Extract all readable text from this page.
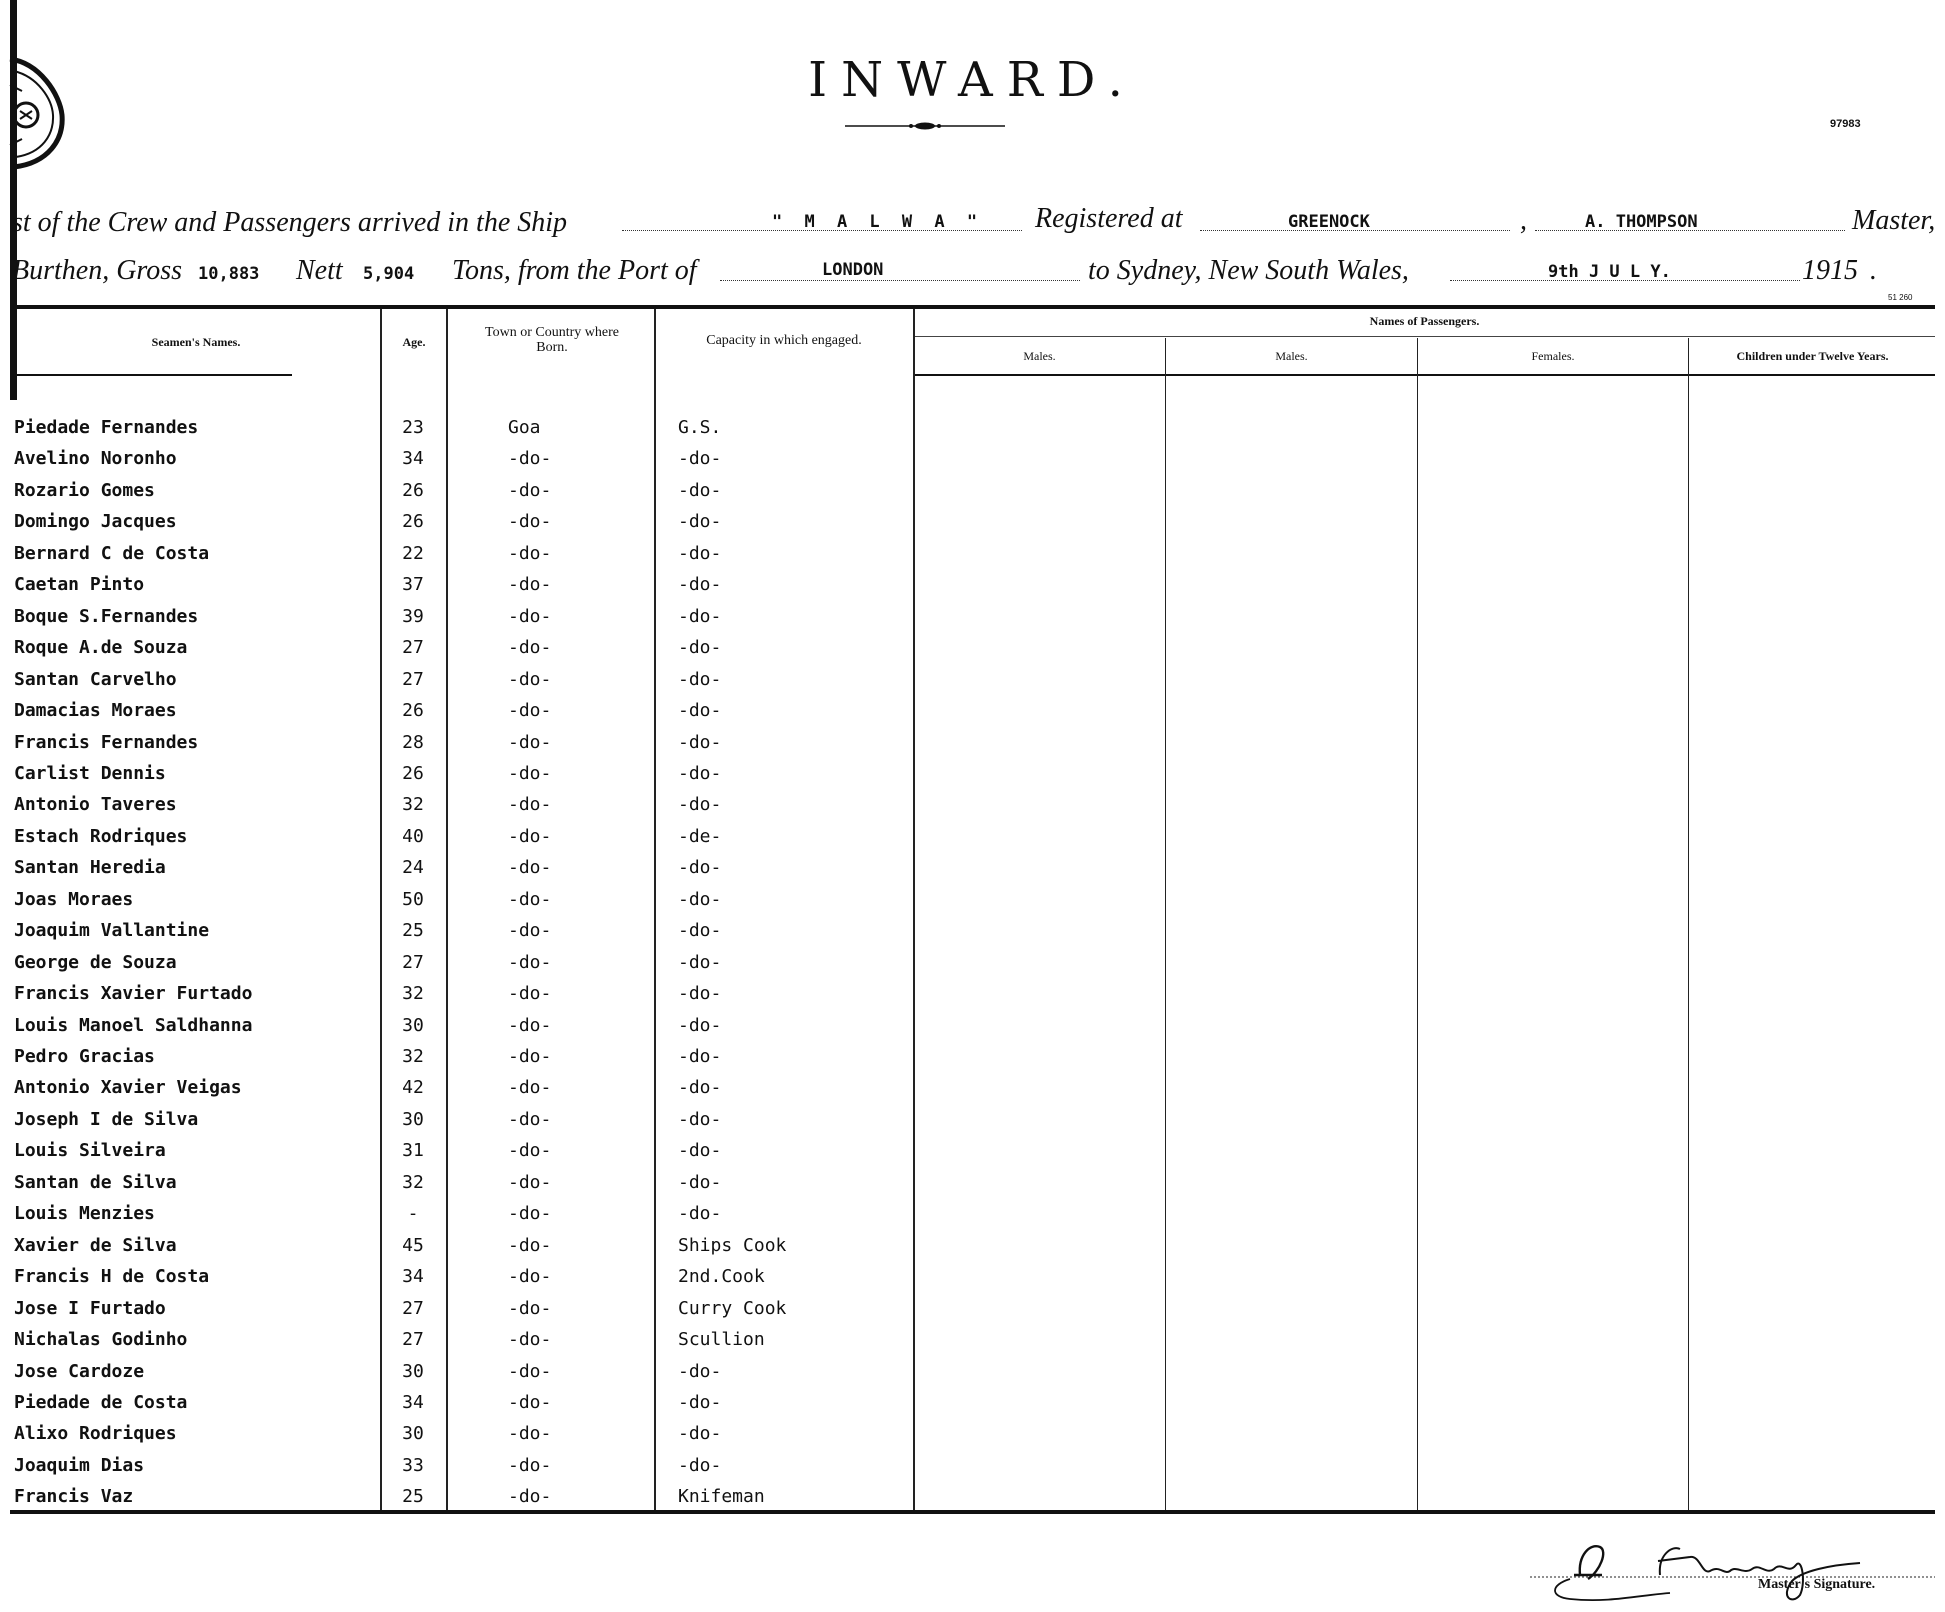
INWARD.
97983
st of the Crew and Passengers arrived in the Ship	" M A L W A " Registered at	GREENOCK	,	A. THOMPSON	Master,
Burthen, Gross 10,883 Nett 5,904 Tons, from the Port of	LONDON	to Sydney, New South Wales,	9th J U L Y.	1915 .
51 260
Seamen's Names.	Age.
Town or Country where Born.	Capacity in which engaged.
Names of Passengers.
Males.	Males.	Females.	Children under Twelve Years.
Piedade Fernandes	23	Goa	G.S.
Avelino Noronho	34	-do-	-do-
Rozario Gomes	26	-do-	-do-
Domingo Jacques	26	-do-	-do-
Bernard C de Costa	22	-do-	-do-
Caetan Pinto	37	-do-	-do-
Boque S.Fernandes	39	-do-	-do-
Roque A.de Souza	27	-do-	-do-
Santan Carvelho	27	-do-	-do-
Damacias Moraes	26	-do-	-do-
Francis Fernandes	28	-do-	-do-
Carlist Dennis	26	-do-	-do-
Antonio Taveres	32	-do-	-do-
Estach Rodriques	40	-do-	-de-
Santan Heredia	24	-do-	-do-
Joas Moraes	50	-do-	-do-
Joaquim Vallantine	25	-do-	-do-
George de Souza	27	-do-	-do-
Francis Xavier Furtado	32	-do-	-do-
Louis Manoel Saldhanna	30	-do-	-do-
Pedro Gracias	32	-do-	-do-
Antonio Xavier Veigas	42	-do-	-do-
Joseph I de Silva	30	-do-	-do-
Louis Silveira	31	-do-	-do-
Santan de Silva	32	-do-	-do-
Louis Menzies	-	-do-	-do-
Xavier de Silva	45	-do-	Ships Cook
Francis H de Costa	34	-do-	2nd.Cook
Jose I Furtado	27	-do-	Curry Cook
Nichalas Godinho	27	-do-	Scullion
Jose Cardoze	30	-do-	-do-
Piedade de Costa	34	-do-	-do-
Alixo Rodriques	30	-do-	-do-
Joaquim Dias	33	-do-	-do-
Francis Vaz	25	-do-	Knifeman
Master's Signature.
